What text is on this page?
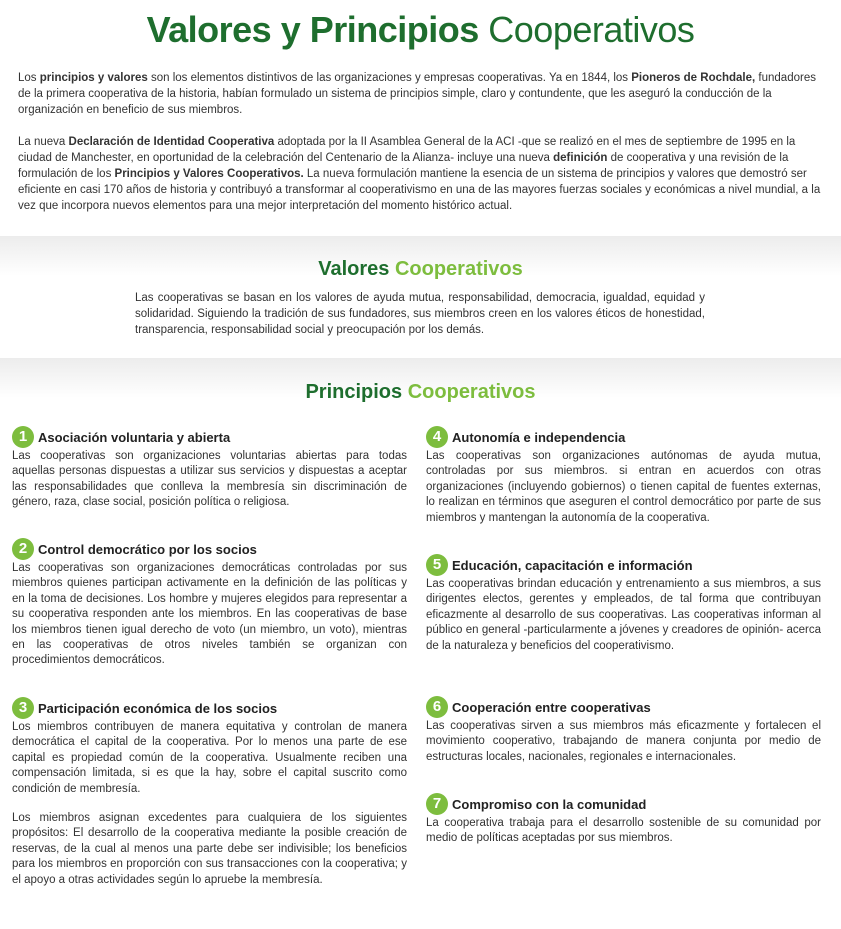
Valores y Principios Cooperativos

Los principios y valores son los elementos distintivos de las organizaciones y empresas cooperativas. Ya en 1844, los Pioneros de Rochdale, fundadores de la primera cooperativa de la historia, habían formulado un sistema de principios simple, claro y contundente, que les aseguró la conducción de la organización en beneficio de sus miembros.

La nueva Declaración de Identidad Cooperativa adoptada por la II Asamblea General de la ACI -que se realizó en el mes de septiembre de 1995 en la ciudad de Manchester, en oportunidad de la celebración del Centenario de la Alianza- incluye una nueva definición de cooperativa y una revisión de la formulación de los Principios y Valores Cooperativos. La nueva formulación mantiene la esencia de un sistema de principios y valores que demostró ser eficiente en casi 170 años de historia y contribuyó a transformar al cooperativismo en una de las mayores fuerzas sociales y económicas a nivel mundial, a la vez que incorpora nuevos elementos para una mejor interpretación del momento histórico actual.

Valores Cooperativos

Las cooperativas se basan en los valores de ayuda mutua, responsabilidad, democracia, igualdad, equidad y solidaridad. Siguiendo la tradición de sus fundadores, sus miembros creen en los valores éticos de honestidad, transparencia, responsabilidad social y preocupación por los demás.

Principios Cooperativos
1 Asociación voluntaria y abierta

Las cooperativas son organizaciones voluntarias abiertas para todas aquellas personas dispuestas a utilizar sus servicios y dispuestas a aceptar las responsabilidades que conlleva la membresía sin discriminación de género, raza, clase social, posición política o religiosa.

2 Control democrático por los socios

Las cooperativas son organizaciones democráticas controladas por sus miembros quienes participan activamente en la definición de las políticas y en la toma de decisiones. Los hombre y mujeres elegidos para representar a su cooperativa responden ante los miembros. En las cooperativas de base los miembros tienen igual derecho de voto (un miembro, un voto), mientras en las cooperativas de otros niveles también se organizan con procedimientos democráticos.

3 Participación económica de los socios

Los miembros contribuyen de manera equitativa y controlan de manera democrática el capital de la cooperativa. Por lo menos una parte de ese capital es propiedad común de la cooperativa. Usualmente reciben una compensación limitada, si es que la hay, sobre el capital suscrito como condición de membresía.

Los miembros asignan excedentes para cualquiera de los siguientes propósitos: El desarrollo de la cooperativa mediante la posible creación de reservas, de la cual al menos una parte debe ser indivisible; los beneficios para los miembros en proporción con sus transacciones con la cooperativa; y el apoyo a otras actividades según lo apruebe la membresía.

4 Autonomía e independencia

Las cooperativas son organizaciones autónomas de ayuda mutua, controladas por sus miembros. si entran en acuerdos con otras organizaciones (incluyendo gobiernos) o tienen capital de fuentes externas, lo realizan en términos que aseguren el control democrático por parte de sus miembros y mantengan la autonomía de la cooperativa.

5 Educación, capacitación e información

Las cooperativas brindan educación y entrenamiento a sus miembros, a sus dirigentes electos, gerentes y empleados, de tal forma que contribuyan eficazmente al desarrollo de sus cooperativas. Las cooperativas informan al público en general -particularmente a jóvenes y creadores de opinión- acerca de la naturaleza y beneficios del cooperativismo.

6 Cooperación entre cooperativas

Las cooperativas sirven a sus miembros más eficazmente y fortalecen el movimiento cooperativo, trabajando de manera conjunta por medio de estructuras locales, nacionales, regionales e internacionales.

7 Compromiso con la comunidad

La cooperativa trabaja para el desarrollo sostenible de su comunidad por medio de políticas aceptadas por sus miembros.
